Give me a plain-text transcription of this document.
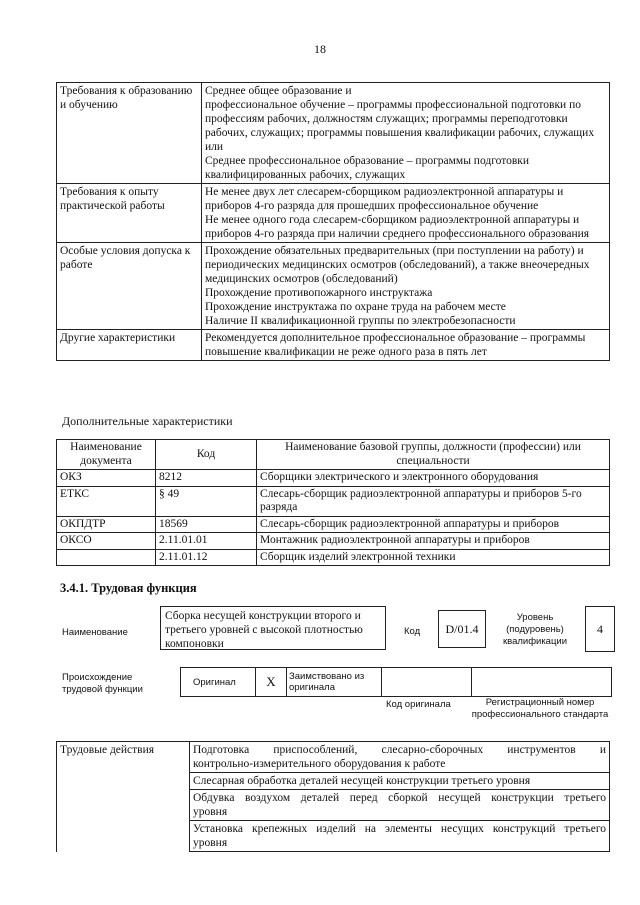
18
Требования к образованию и обучению	Среднее общее образование и

профессиональное обучение – программы профессиональной подготовки по профессиям рабочих, должностям служащих; программы переподготовки рабочих, служащих; программы повышения квалификации рабочих, служащих

или

Среднее профессиональное образование – программы подготовки квалифицированных рабочих, служащих

Требования к опыту практической работы	Не менее двух лет слесарем-сборщиком радиоэлектронной аппаратуры и приборов 4-го разряда для прошедших профессиональное обучение

Не менее одного года слесарем-сборщиком радиоэлектронной аппаратуры и приборов 4-го разряда при наличии среднего профессионального образования

Особые условия допуска к работе	Прохождение обязательных предварительных (при поступлении на работу) и периодических медицинских осмотров (обследований), а также внеочередных медицинских осмотров (обследований)

Прохождение противопожарного инструктажа

Прохождение инструктажа по охране труда на рабочем месте

Наличие II квалификационной группы по электробезопасности

Другие характеристики	Рекомендуется дополнительное профессиональное образование – программы повышение квалификации не реже одного раза в пять лет

Дополнительные характеристики
Наименование документа	Код	Наименование базовой группы, должности (профессии) или специальности
ОКЗ	8212	Сборщики электрического и электронного оборудования
ЕТКС	§ 49	Слесарь-сборщик радиоэлектронной аппаратуры и приборов 5-го разряда
ОКПДТР	18569	Слесарь-сборщик радиоэлектронной аппаратуры и приборов
ОКСО	2.11.01.01	Монтажник радиоэлектронной аппаратуры и приборов
	2.11.01.12	Сборщик изделий электронной техники
3.4.1. Трудовая функция
Наименование
Сборка несущей конструкции второго и третьего уровней с высокой плотностью компоновки
Код	D/01.4
Уровень (подуровень) квалификации
4
Происхождение трудовой функции
Оригинал	X	Заимствовано из оригинала
Код оригинала	Регистрационный номер профессионального стандарта
Трудовые действия	Подготовка приспособлений, слесарно-сборочных инструментов и

контрольно-измерительного оборудования к работе

Слесарная обработка деталей несущей конструкции третьего уровня

Обдувка воздухом деталей перед сборкой несущей конструкции третьего

уровня

Установка крепежных изделий на элементы несущих конструкций третьего

уровня
